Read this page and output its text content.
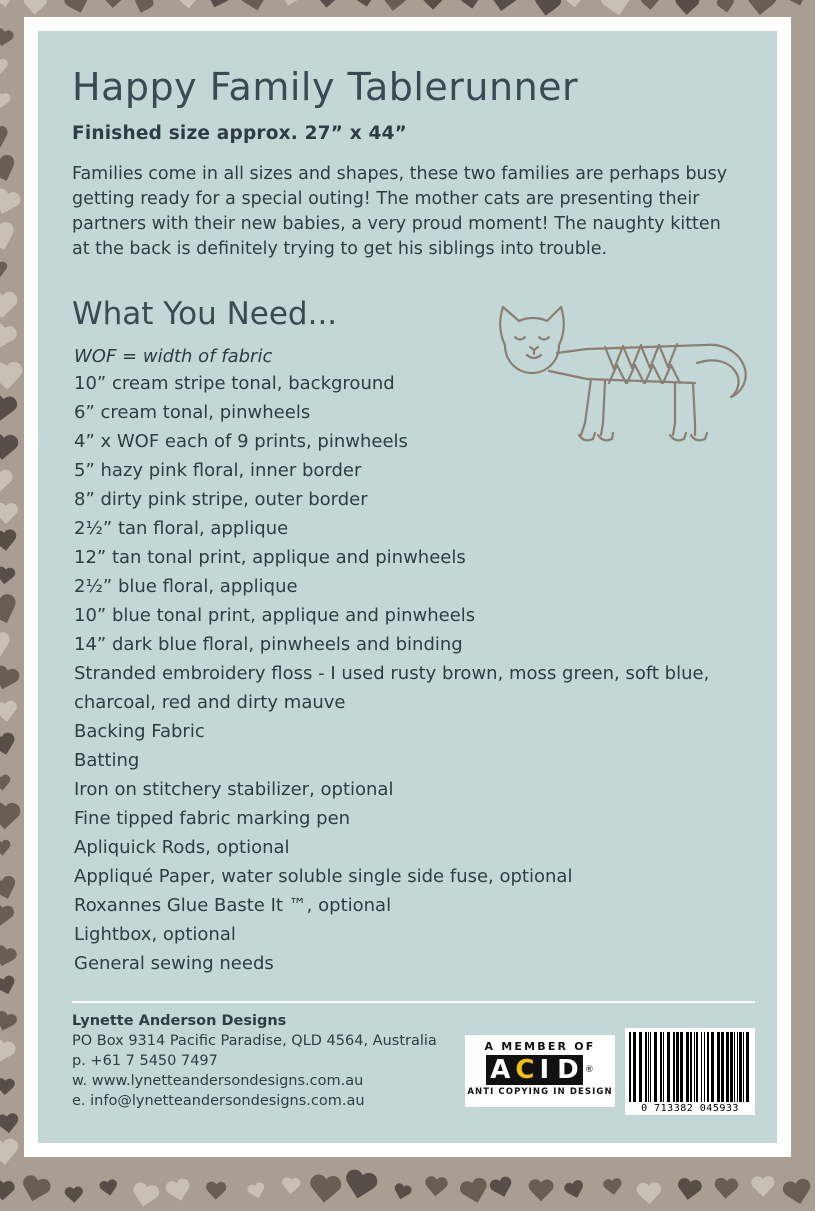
Happy Family Tablerunner
Finished size approx. 27” x 44”

Families come in all sizes and shapes, these two families are perhaps busy getting ready for a special outing! The mother cats are presenting their partners with their new babies, a very proud moment! The naughty kitten at the back is definitely trying to get his siblings into trouble.

What You Need...
WOF = width of fabric
10” cream stripe tonal, background
6” cream tonal, pinwheels
4” x WOF each of 9 prints, pinwheels
5” hazy pink floral, inner border
8” dirty pink stripe, outer border
2½” tan floral, applique
12” tan tonal print, applique and pinwheels
2½” blue floral, applique
10” blue tonal print, applique and pinwheels
14” dark blue floral, pinwheels and binding
Stranded embroidery floss - I used rusty brown, moss green, soft blue, charcoal, red and dirty mauve
Backing Fabric
Batting
Iron on stitchery stabilizer, optional
Fine tipped fabric marking pen
Apliquick Rods, optional
Appliqué Paper, water soluble single side fuse, optional
Roxannes Glue Baste It ™, optional
Lightbox, optional
General sewing needs
Lynette Anderson Designs
PO Box 9314 Pacific Paradise, QLD 4564, Australia
p. +61 7 5450 7497
w. www.lynetteandersondesigns.com.au
e. info@lynetteandersondesigns.com.au
A MEMBER OF
A C I D ®
ANTI COPYING IN DESIGN
0 713382 045933
